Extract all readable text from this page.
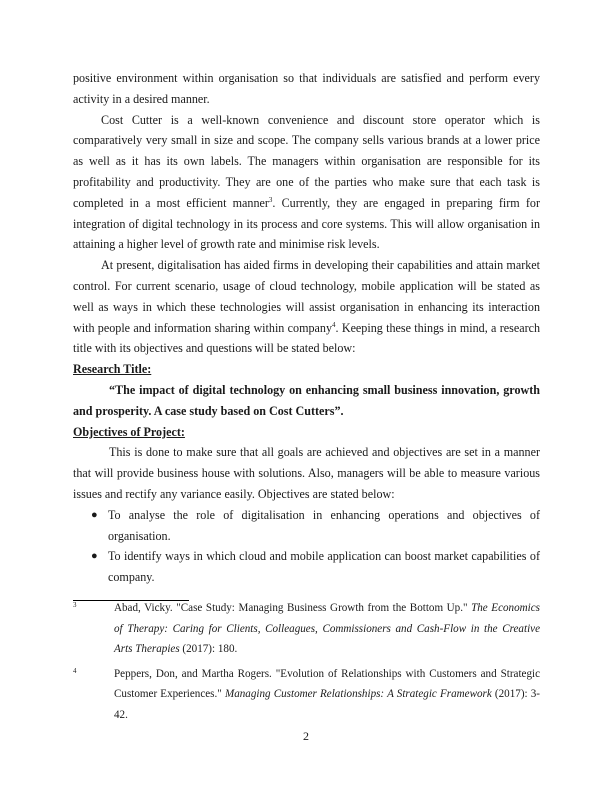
positive environment within organisation so that individuals are satisfied and perform every activity in a desired manner.

Cost Cutter is a well-known convenience and discount store operator which is comparatively very small in size and scope. The company sells various brands at a lower price as well as it has its own labels. The managers within organisation are responsible for its profitability and productivity. They are one of the parties who make sure that each task is completed in a most efficient manner$^3$. Currently, they are engaged in preparing firm for integration of digital technology in its process and core systems. This will allow organisation in attaining a higher level of growth rate and minimise risk levels.

At present, digitalisation has aided firms in developing their capabilities and attain market control. For current scenario, usage of cloud technology, mobile application will be stated as well as ways in which these technologies will assist organisation in enhancing its interaction with people and information sharing within company$^4$. Keeping these things in mind, a research title with its objectives and questions will be stated below:

Research Title:

“The impact of digital technology on enhancing small business innovation, growth and prosperity. A case study based on Cost Cutters”.

Objectives of Project:

This is done to make sure that all goals are achieved and objectives are set in a manner that will provide business house with solutions. Also, managers will be able to measure various issues and rectify any variance easily. Objectives are stated below:

● To analyse the role of digitalisation in enhancing operations and objectives of organisation.
● To identify ways in which cloud and mobile application can boost market capabilities of company.

3	Abad, Vicky. "Case Study: Managing Business Growth from the Bottom Up." The Economics of Therapy: Caring for Clients, Colleagues, Commissioners and Cash-Flow in the Creative Arts Therapies (2017): 180.

4	Peppers, Don, and Martha Rogers. "Evolution of Relationships with Customers and Strategic Customer Experiences." Managing Customer Relationships: A Strategic Framework (2017): 3-42.

2
